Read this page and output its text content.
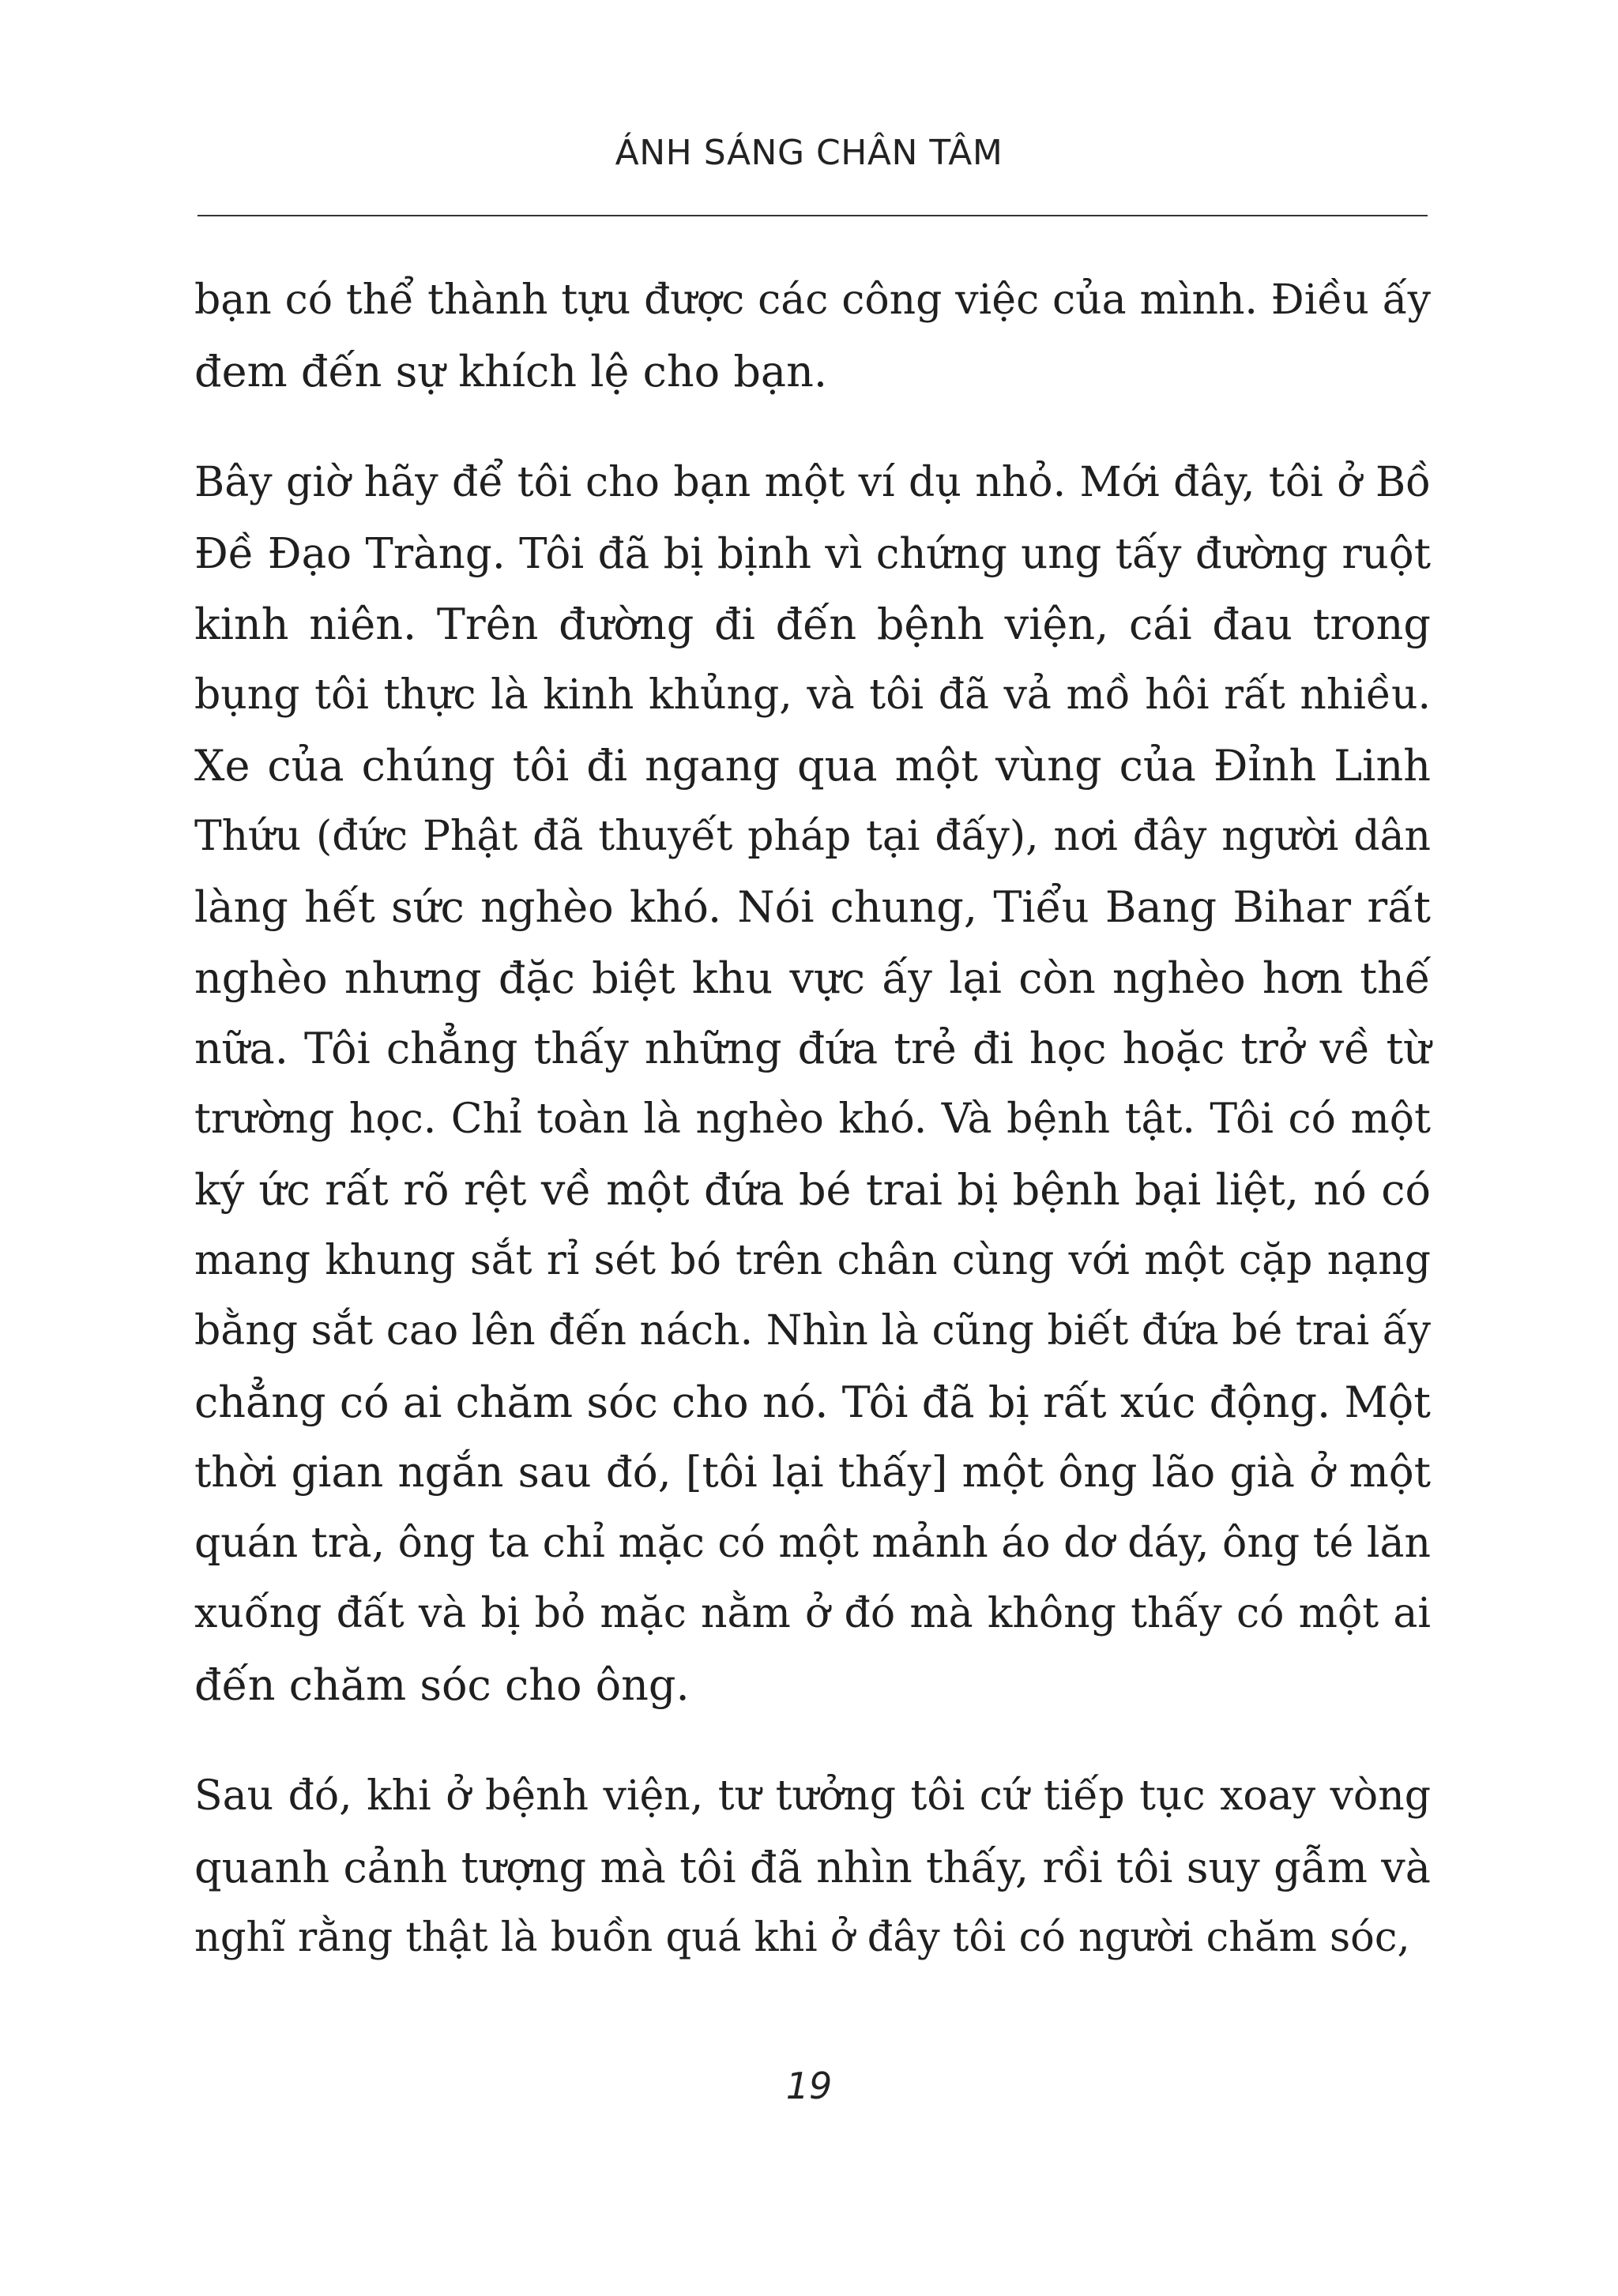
ÁNH SÁNG CHÂN TÂM

bạn có thể thành tựu được các công việc của mình. Điều ấy
đem đến sự khích lệ cho bạn.

Bây giờ hãy để tôi cho bạn một ví dụ nhỏ. Mới đây, tôi ở Bồ
Đề Đạo Tràng. Tôi đã bị bịnh vì chứng ung tấy đường ruột
kinh niên. Trên đường đi đến bệnh viện, cái đau trong
bụng tôi thực là kinh khủng, và tôi đã vả mồ hôi rất nhiều.
Xe của chúng tôi đi ngang qua một vùng của Đỉnh Linh
Thứu (đức Phật đã thuyết pháp tại đấy), nơi đây người dân
làng hết sức nghèo khó. Nói chung, Tiểu Bang Bihar rất
nghèo nhưng đặc biệt khu vực ấy lại còn nghèo hơn thế
nữa. Tôi chẳng thấy những đứa trẻ đi học hoặc trở về từ
trường học. Chỉ toàn là nghèo khó. Và bệnh tật. Tôi có một
ký ức rất rõ rệt về một đứa bé trai bị bệnh bại liệt, nó có
mang khung sắt rỉ sét bó trên chân cùng với một cặp nạng
bằng sắt cao lên đến nách. Nhìn là cũng biết đứa bé trai ấy
chẳng có ai chăm sóc cho nó. Tôi đã bị rất xúc động. Một
thời gian ngắn sau đó, [tôi lại thấy] một ông lão già ở một
quán trà, ông ta chỉ mặc có một mảnh áo dơ dáy, ông té lăn
xuống đất và bị bỏ mặc nằm ở đó mà không thấy có một ai
đến chăm sóc cho ông.

Sau đó, khi ở bệnh viện, tư tưởng tôi cứ tiếp tục xoay vòng
quanh cảnh tượng mà tôi đã nhìn thấy, rồi tôi suy gẫm và
nghĩ rằng thật là buồn quá khi ở đây tôi có người chăm sóc,

19
